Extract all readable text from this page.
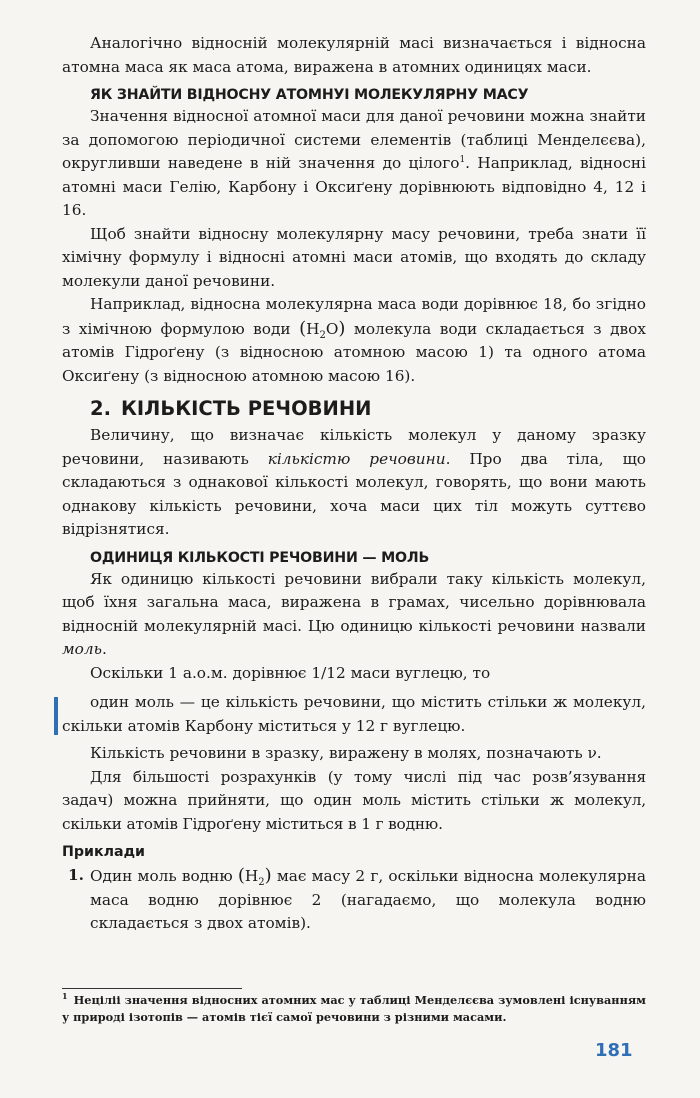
Аналогічно відносній молекулярній масі визначається і відносна атомна маса як маса атома, виражена в атомних одиницях маси.

ЯК ЗНАЙТИ ВІДНОСНУ АТОМНУІ МОЛЕКУЛЯРНУ МАСУ

Значення відносної атомної маси для даної речовини можна знайти за допомогою періодичної системи елементів (таблиці Менделєєва), округливши наведене в ній значення до цілого$^1$. Наприклад, відносні атомні маси Гелію, Карбону і Оксиґену дорівнюють відповідно 4, 12 і 16.

Щоб знайти відносну молекулярну масу речовини, треба знати її хімічну формулу і відносні атомні маси атомів, що входять до складу молекули даної речовини.

Наприклад, відносна молекулярна маса води дорівнює 18, бо згідно з хімічною формулою води $(H_2O)$ молекула води складається з двох атомів Гідроґену (з відносною атомною масою 1) та одного атома Оксиґену (з відносною атомною масою 16).

2. КІЛЬКІСТЬ РЕЧОВИНИ

Величину, що визначає кількість молекул у даному зразку речовини, називають кількістю речовини. Про два тіла, що складаються з однакової кількості молекул, говорять, що вони мають однакову кількість речовини, хоча маси цих тіл можуть суттєво відрізнятися.

ОДИНИЦЯ КІЛЬКОСТІ РЕЧОВИНИ — МОЛЬ

Як одиницю кількості речовини вибрали таку кількість молекул, щоб їхня загальна маса, виражена в грамах, чисельно дорівнювала відносній молекулярній масі. Цю одиницю кількості речовини назвали моль.

Оскільки 1 а.о.м. дорівнює 1/12 маси вуглецю, то

один моль — це кількість речовини, що містить стільки ж молекул, скільки атомів Карбону міститься у 12 г вуглецю.

Кількість речовини в зразку, виражену в молях, позначають ν.

Для більшості розрахунків (у тому числі під час розв’язування задач) можна прийняти, що один моль містить стільки ж молекул, скільки атомів Гідроґену міститься в 1 г водню.

Приклади
1. Один моль водню $(H_2)$ має масу 2 г, оскільки відносна молекулярна маса водню дорівнює 2 (нагадаємо, що молекула водню складається з двох атомів).

$^1$ Неціліі значення відносних атомних мас у таблиці Менделєєва зумовлені існуванням у природі ізотопів — атомів тієї самої речовини з різними масами.
181
